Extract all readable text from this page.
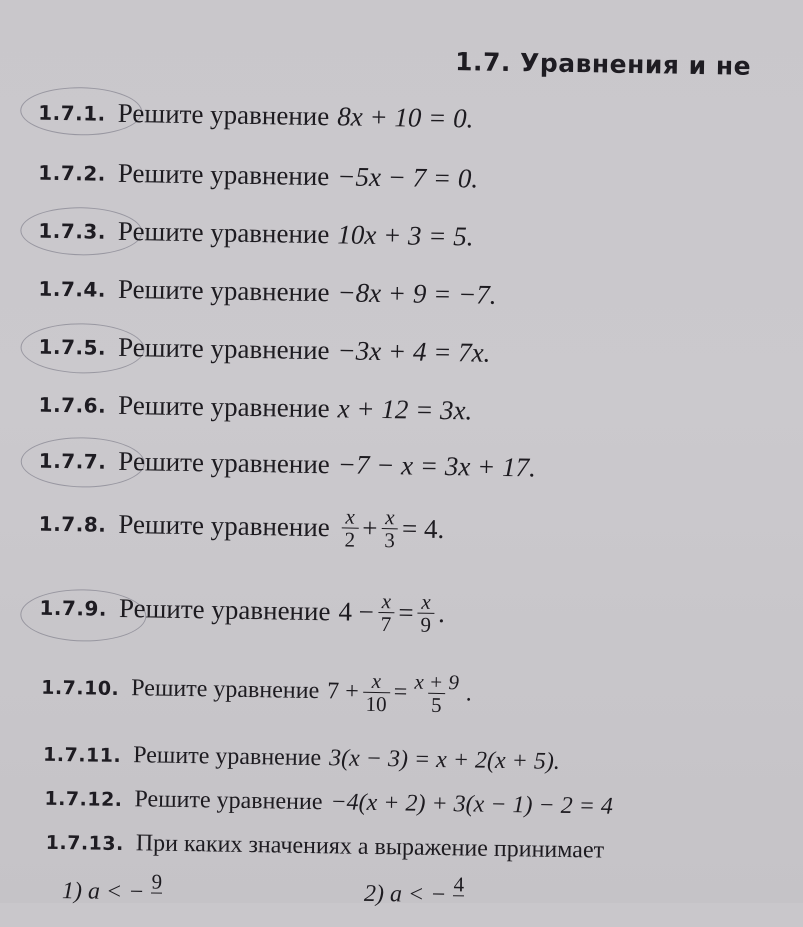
1.7. Уравнения и не
1.7.1. Решите уравнение 8x + 10 = 0.
1.7.2. Решите уравнение −5x − 7 = 0.
1.7.3. Решите уравнение 10x + 3 = 5.
1.7.4. Решите уравнение −8x + 9 = −7.
1.7.5. Решите уравнение −3x + 4 = 7x.
1.7.6. Решите уравнение x + 12 = 3x.
1.7.7. Решите уравнение −7 − x = 3x + 17.
1.7.8. Решите уравнение $\frac{x}{2} + \frac{x}{3} = 4$.
1.7.9. Решите уравнение $4 - \frac{x}{7} = \frac{x}{9}$ .
1.7.10. Решите уравнение $7 + \frac{x}{10} = \frac{x + 9}{5}$ .
1.7.11. Решите уравнение 3(x − 3) = x + 2(x + 5).
1.7.12. Решите уравнение −4(x + 2) + 3(x − 1) − 2 = 4
1.7.13. При каких значениях a выражение принимает
1) a < − 9
	2) a < − 4
